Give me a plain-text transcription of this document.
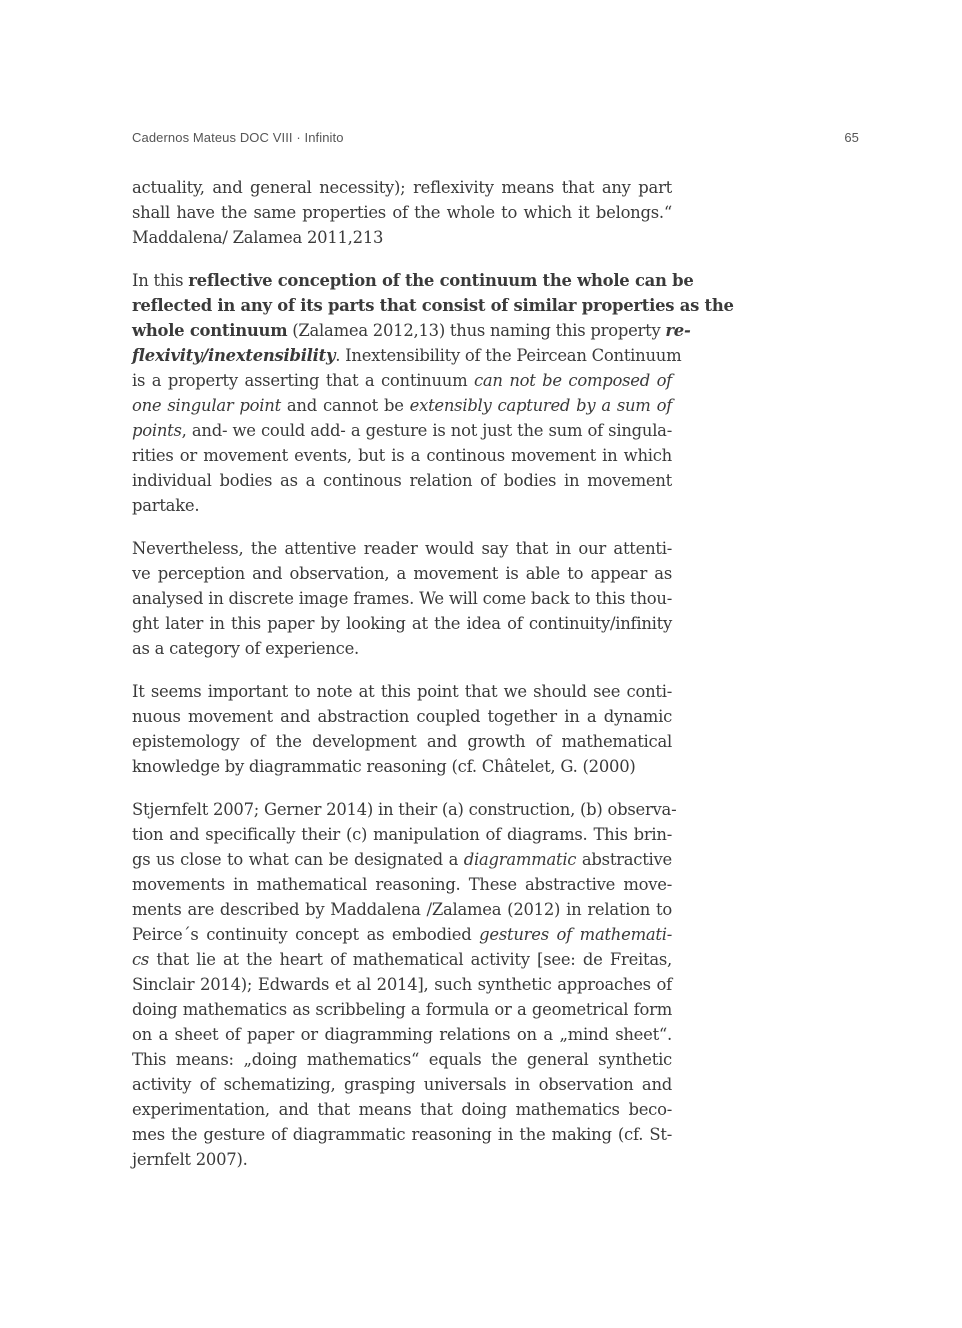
Cadernos Mateus DOC VIII · Infinito	65
actuality, and general necessity); reflexivity means that any part
shall have the same properties of the whole to which it belongs.“
Maddalena/ Zalamea 2011,213
In this reflective conception of the continuum the whole can be
reflected in any of its parts that consist of similar properties as the
whole continuum (Zalamea 2012,13) thus naming this property re-
flexivity/inextensibility. Inextensibility of the Peircean Continuum
is a property asserting that a continuum can not be composed of
one singular point and cannot be extensibly captured by a sum of
points, and- we could add- a gesture is not just the sum of singula-
rities or movement events, but is a continous movement in which
individual bodies as a continous relation of bodies in movement
partake.
Nevertheless, the attentive reader would say that in our attenti-
ve perception and observation, a movement is able to appear as
analysed in discrete image frames. We will come back to this thou-
ght later in this paper by looking at the idea of continuity/infinity
as a category of experience.
It seems important to note at this point that we should see conti-
nuous movement and abstraction coupled together in a dynamic
epistemology of the development and growth of mathematical
knowledge by diagrammatic reasoning (cf. Châtelet, G. (2000)
Stjernfelt 2007; Gerner 2014) in their (a) construction, (b) observa-
tion and specifically their (c) manipulation of diagrams. This brin-
gs us close to what can be designated a diagrammatic abstractive
movements in mathematical reasoning. These abstractive move-
ments are described by Maddalena /Zalamea (2012) in relation to
Peirce´s continuity concept as embodied gestures of mathemati-
cs that lie at the heart of mathematical activity [see: de Freitas,
Sinclair 2014); Edwards et al 2014], such synthetic approaches of
doing mathematics as scribbeling a formula or a geometrical form
on a sheet of paper or diagramming relations on a „mind sheet“.
This means: „doing mathematics“ equals the general synthetic
activity of schematizing, grasping universals in observation and
experimentation, and that means that doing mathematics beco-
mes the gesture of diagrammatic reasoning in the making (cf. St-
jernfelt 2007).
